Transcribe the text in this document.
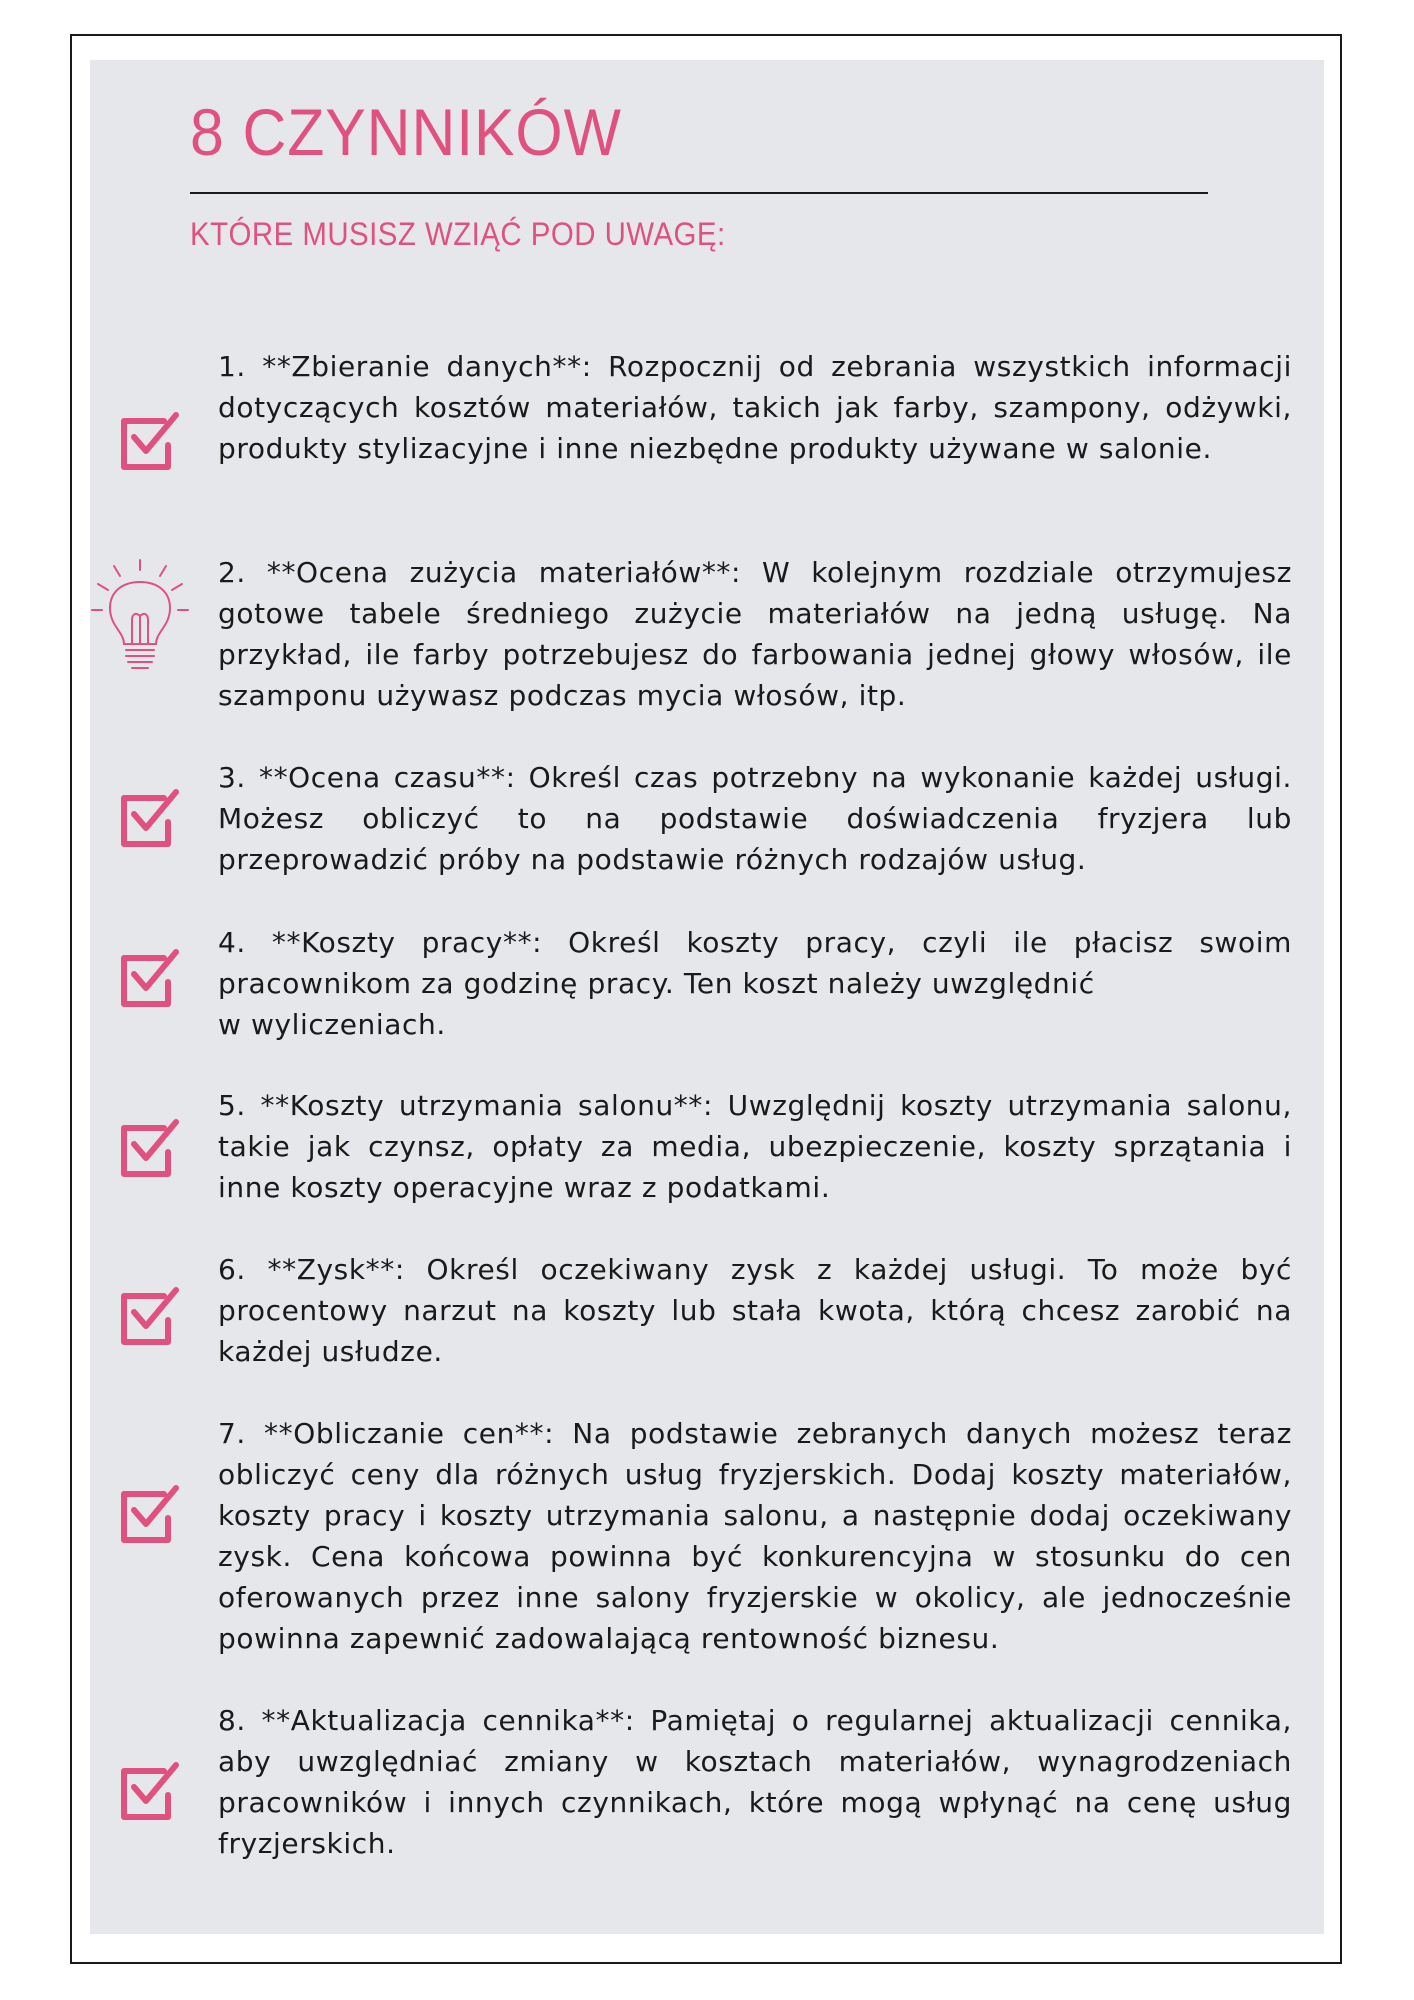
8 CZYNNIKÓW
KTÓRE MUSISZ WZIĄĆ POD UWAGĘ:
1. **Zbieranie danych**: Rozpocznij od zebrania wszystkich informacji dotyczących kosztów materiałów, takich jak farby, szampony, odżywki, produkty stylizacyjne i inne niezbędne produkty używane w salonie.
2. **Ocena zużycia materiałów**: W kolejnym rozdziale otrzymujesz gotowe tabele średniego zużycie materiałów na jedną usługę. Na przykład, ile farby potrzebujesz do farbowania jednej głowy włosów, ile szamponu używasz podczas mycia włosów, itp.
3. **Ocena czasu**: Określ czas potrzebny na wykonanie każdej usługi. Możesz obliczyć to na podstawie doświadczenia fryzjera lub przeprowadzić próby na podstawie różnych rodzajów usług.
4. **Koszty pracy**: Określ koszty pracy, czyli ile płacisz swoim pracownikom za godzinę pracy. Ten koszt należy uwzględnić
w wyliczeniach.
5. **Koszty utrzymania salonu**: Uwzględnij koszty utrzymania salonu, takie jak czynsz, opłaty za media, ubezpieczenie, koszty sprzątania i inne koszty operacyjne wraz z podatkami.
6. **Zysk**: Określ oczekiwany zysk z każdej usługi. To może być procentowy narzut na koszty lub stała kwota, którą chcesz zarobić na każdej usłudze.
7. **Obliczanie cen**: Na podstawie zebranych danych możesz teraz obliczyć ceny dla różnych usług fryzjerskich. Dodaj koszty materiałów, koszty pracy i koszty utrzymania salonu, a następnie dodaj oczekiwany zysk. Cena końcowa powinna być konkurencyjna w stosunku do cen oferowanych przez inne salony fryzjerskie w okolicy, ale jednocześnie powinna zapewnić zadowalającą rentowność biznesu.
8. **Aktualizacja cennika**: Pamiętaj o regularnej aktualizacji cennika, aby uwzględniać zmiany w kosztach materiałów, wynagrodzeniach pracowników i innych czynnikach, które mogą wpłynąć na cenę usług fryzjerskich.
